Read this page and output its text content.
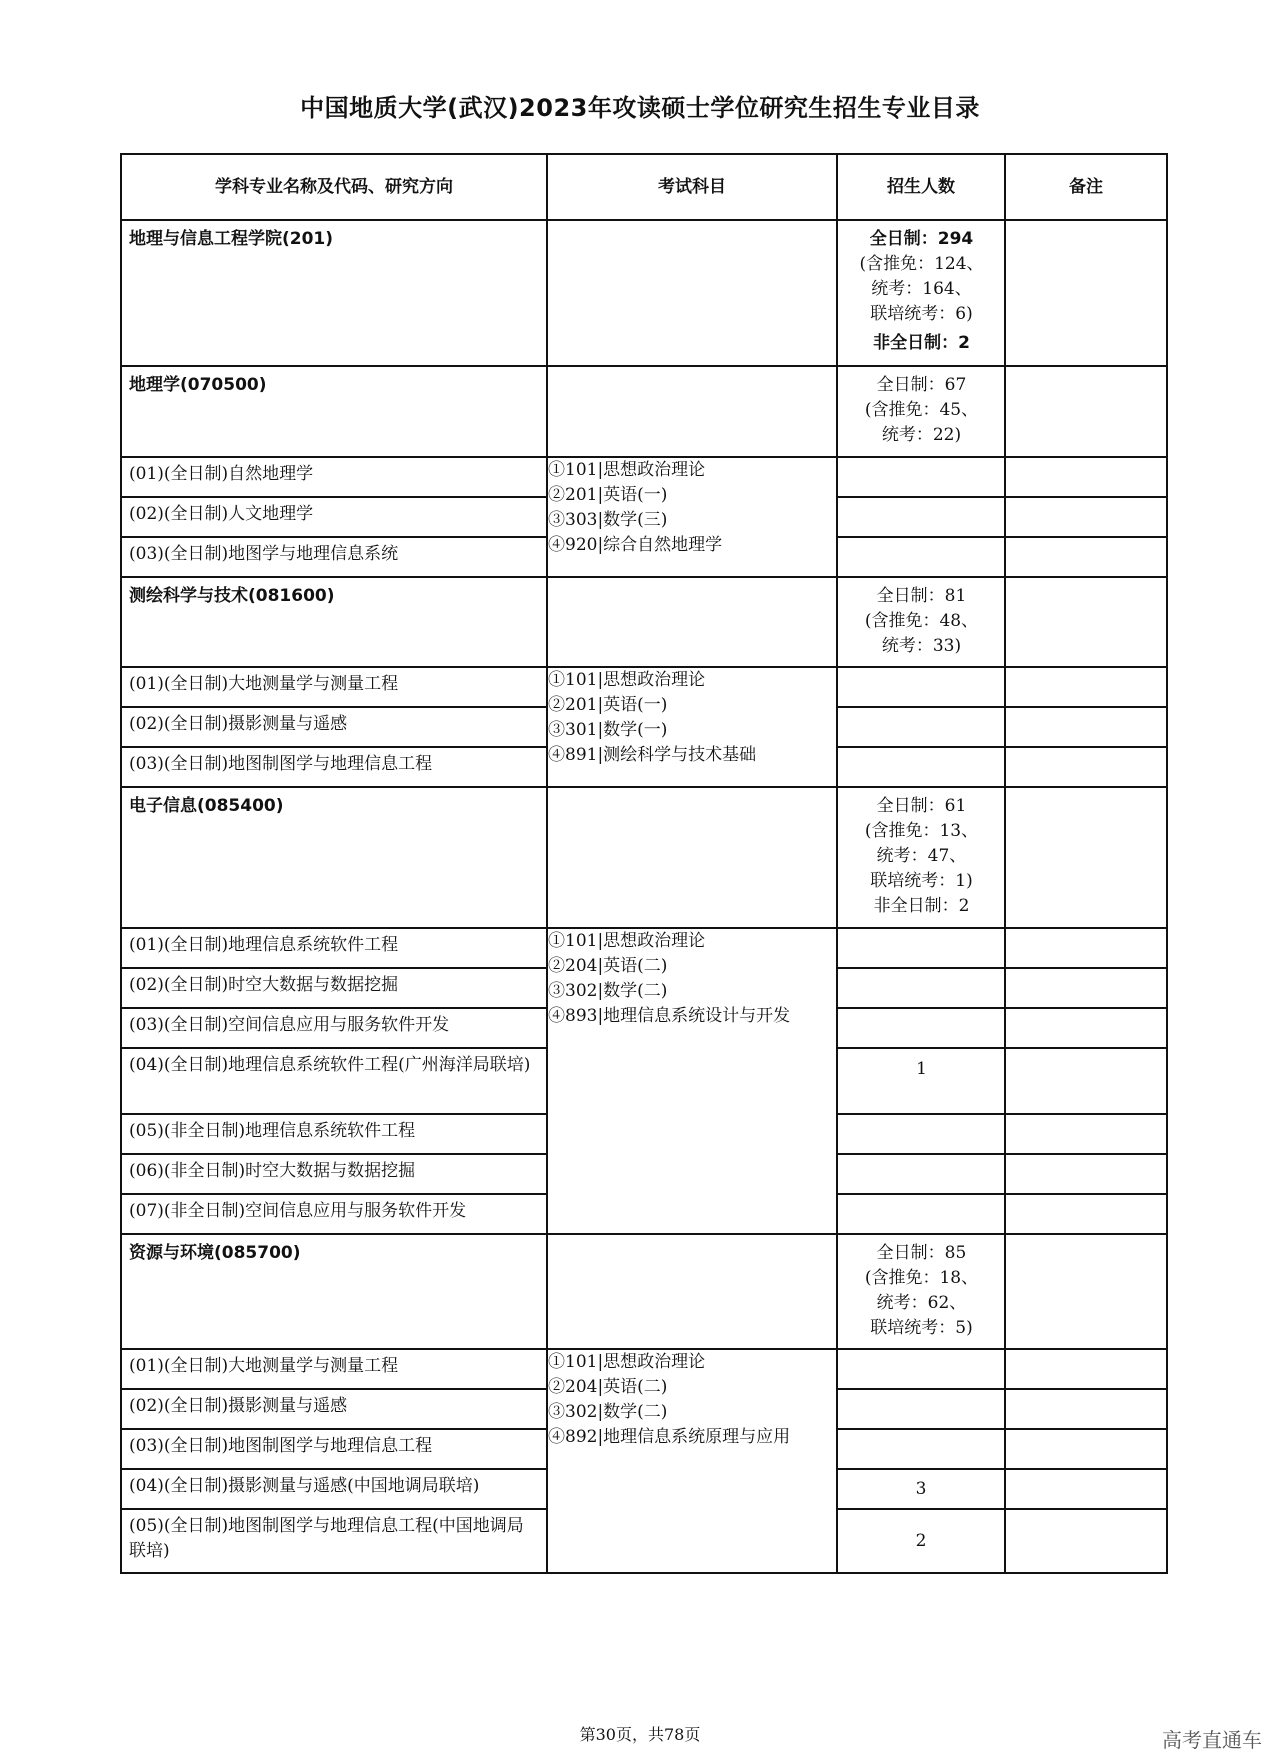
中国地质大学(武汉)2023年攻读硕士学位研究生招生专业目录
学科专业名称及代码、研究方向	考试科目	招生人数	备注

地理与信息工程学院(201)		全日制：294
(含推免：124、
统考：164、
联培统考：6)
非全日制：2	

地理学(070500)		全日制：67
(含推免：45、
统考：22)	

(01)(全日制)自然地理学	①101|思想政治理论
②201|英语(一)
③303|数学(三)
④920|综合自然地理学		

(02)(全日制)人文地理学			

(03)(全日制)地图学与地理信息系统			

测绘科学与技术(081600)		全日制：81
(含推免：48、
统考：33)	

(01)(全日制)大地测量学与测量工程	①101|思想政治理论
②201|英语(一)
③301|数学(一)
④891|测绘科学与技术基础		

(02)(全日制)摄影测量与遥感			

(03)(全日制)地图制图学与地理信息工程			

电子信息(085400)		全日制：61
(含推免：13、
统考：47、
联培统考：1)
非全日制：2	

(01)(全日制)地理信息系统软件工程	①101|思想政治理论
②204|英语(二)
③302|数学(二)
④893|地理信息系统设计与开发		

(02)(全日制)时空大数据与数据挖掘			

(03)(全日制)空间信息应用与服务软件开发			

(04)(全日制)地理信息系统软件工程(广州海洋局联培)		1	

(05)(非全日制)地理信息系统软件工程			

(06)(非全日制)时空大数据与数据挖掘			

(07)(非全日制)空间信息应用与服务软件开发			

资源与环境(085700)		全日制：85
(含推免：18、
统考：62、
联培统考：5)	

(01)(全日制)大地测量学与测量工程	①101|思想政治理论
②204|英语(二)
③302|数学(二)
④892|地理信息系统原理与应用		

(02)(全日制)摄影测量与遥感			

(03)(全日制)地图制图学与地理信息工程			

(04)(全日制)摄影测量与遥感(中国地调局联培)		3	

(05)(全日制)地图制图学与地理信息工程(中国地调局联培)		2	
第30页，共78页	高考直通车
